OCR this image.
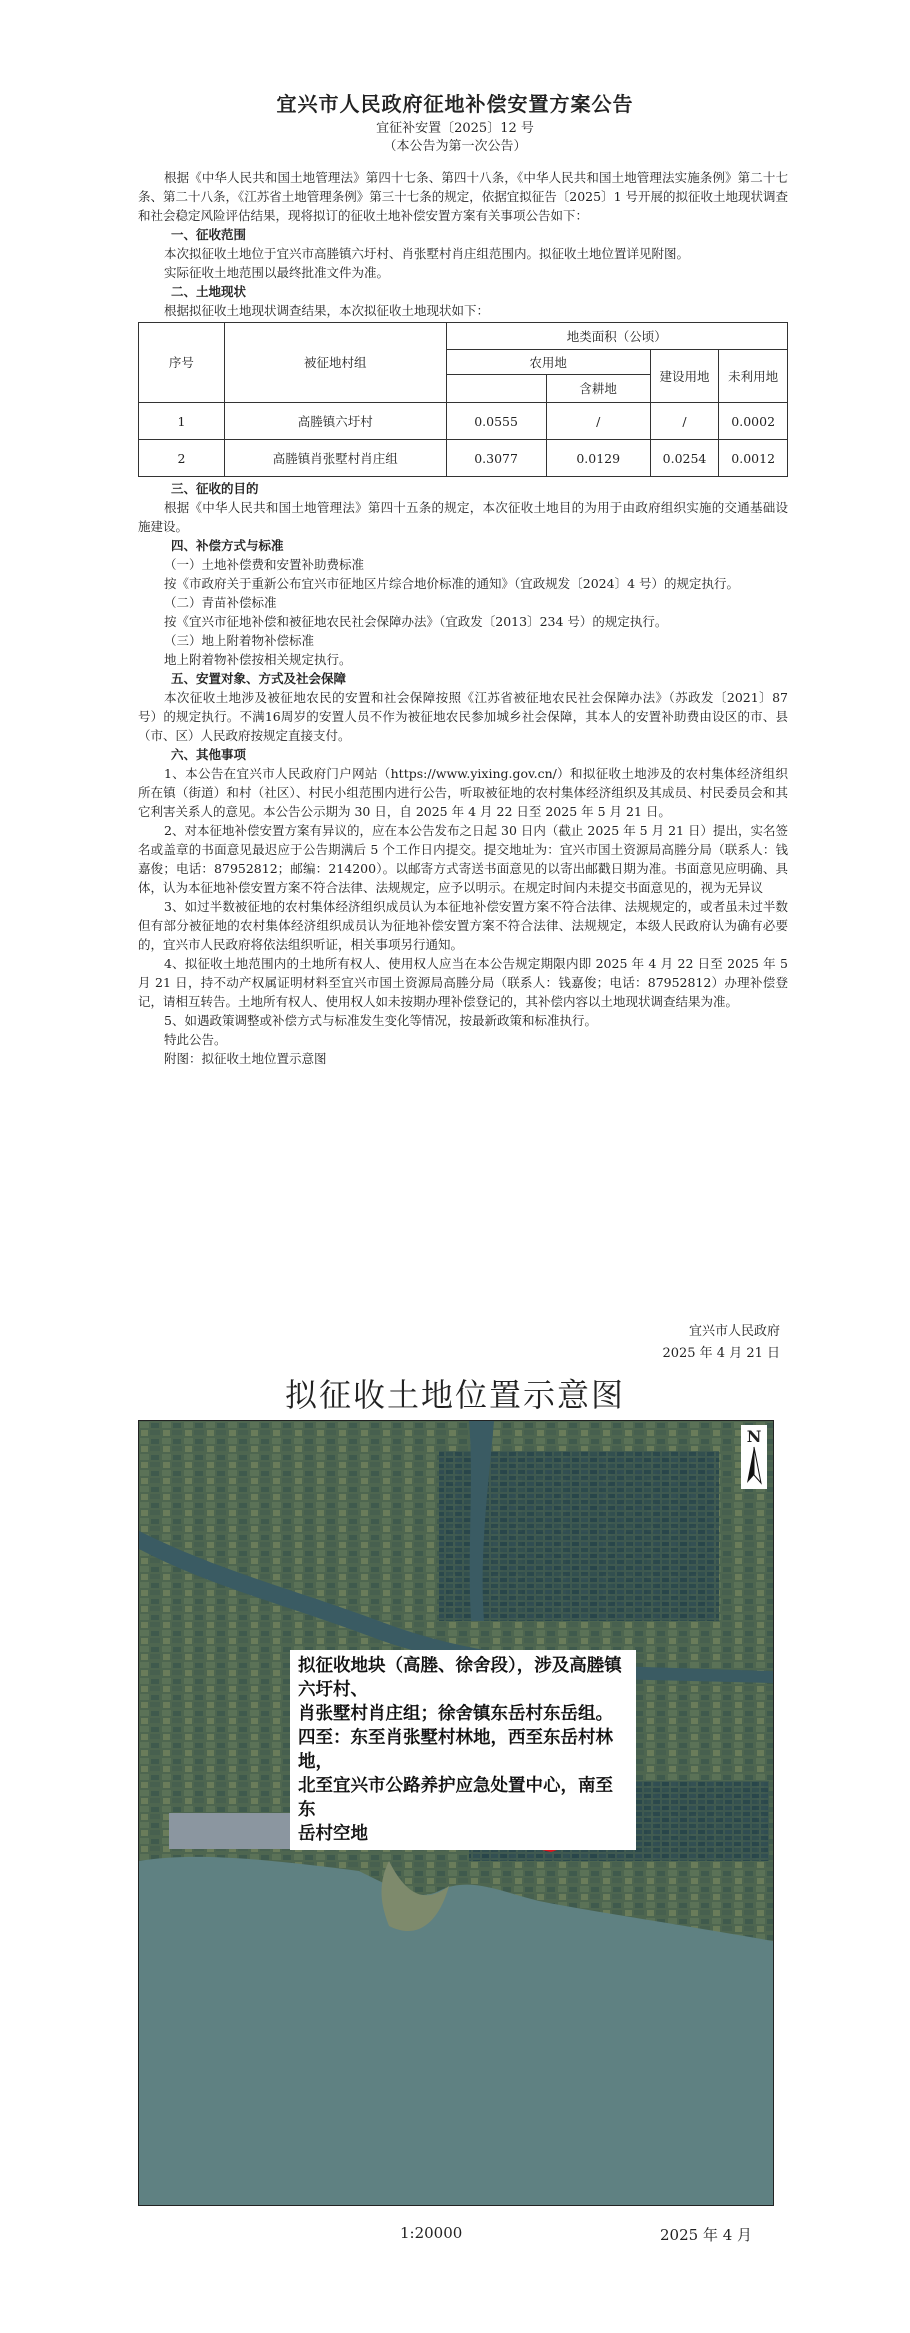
宜兴市人民政府征地补偿安置方案公告
宜征补安置〔2025〕12 号
（本公告为第一次公告）

根据《中华人民共和国土地管理法》第四十七条、第四十八条，《中华人民共和国土地管理法实施条例》第二十七条、第二十八条，《江苏省土地管理条例》第三十七条的规定，依据宜拟征告〔2025〕1 号开展的拟征收土地现状调查和社会稳定风险评估结果，现将拟订的征收土地补偿安置方案有关事项公告如下：

一、征收范围

本次拟征收土地位于宜兴市高塍镇六圩村、肖张墅村肖庄组范围内。拟征收土地位置详见附图。

实际征收土地范围以最终批准文件为准。

二、土地现状

根据拟征收土地现状调查结果，本次拟征收土地现状如下：

序号	被征地村组	地类面积（公顷）			
		农用地		建设用地	未利用地
			含耕地		
1	高塍镇六圩村	0.0555	/	/	0.0002
2	高塍镇肖张墅村肖庄组	0.3077	0.0129	0.0254	0.0012

三、征收的目的

根据《中华人民共和国土地管理法》第四十五条的规定，本次征收土地目的为用于由政府组织实施的交通基础设施建设。

四、补偿方式与标准

（一）土地补偿费和安置补助费标准

按《市政府关于重新公布宜兴市征地区片综合地价标准的通知》（宜政规发〔2024〕4 号）的规定执行。

（二）青苗补偿标准

按《宜兴市征地补偿和被征地农民社会保障办法》（宜政发〔2013〕234 号）的规定执行。

（三）地上附着物补偿标准

地上附着物补偿按相关规定执行。

五、安置对象、方式及社会保障

本次征收土地涉及被征地农民的安置和社会保障按照《江苏省被征地农民社会保障办法》（苏政发〔2021〕87 号）的规定执行。不满16周岁的安置人员不作为被征地农民参加城乡社会保障，其本人的安置补助费由设区的市、县（市、区）人民政府按规定直接支付。

六、其他事项

1、本公告在宜兴市人民政府门户网站（https://www.yixing.gov.cn/）和拟征收土地涉及的农村集体经济组织所在镇（街道）和村（社区）、村民小组范围内进行公告，听取被征地的农村集体经济组织及其成员、村民委员会和其它利害关系人的意见。本公告公示期为 30 日，自 2025 年 4 月 22 日至 2025 年 5 月 21 日。

2、对本征地补偿安置方案有异议的，应在本公告发布之日起 30 日内（截止 2025 年 5 月 21 日）提出，实名签名或盖章的书面意见最迟应于公告期满后 5 个工作日内提交。提交地址为：宜兴市国土资源局高塍分局（联系人：钱嘉俊；电话：87952812；邮编：214200）。以邮寄方式寄送书面意见的以寄出邮戳日期为准。书面意见应明确、具体，认为本征地补偿安置方案不符合法律、法规规定，应予以明示。在规定时间内未提交书面意见的，视为无异议

3、如过半数被征地的农村集体经济组织成员认为本征地补偿安置方案不符合法律、法规规定的，或者虽未过半数但有部分被征地的农村集体经济组织成员认为征地补偿安置方案不符合法律、法规规定，本级人民政府认为确有必要的，宜兴市人民政府将依法组织听证，相关事项另行通知。

4、拟征收土地范围内的土地所有权人、使用权人应当在本公告规定期限内即 2025 年 4 月 22 日至 2025 年 5 月 21 日，持不动产权属证明材料至宜兴市国土资源局高塍分局（联系人：钱嘉俊；电话：87952812）办理补偿登记，请相互转告。土地所有权人、使用权人如未按期办理补偿登记的，其补偿内容以土地现状调查结果为准。

5、如遇政策调整或补偿方式与标准发生变化等情况，按最新政策和标准执行。

特此公告。

附图：拟征收土地位置示意图

宜兴市人民政府
2025 年 4 月 21 日
拟征收土地位置示意图
拟征收地块（高塍、徐舍段），涉及高塍镇六圩村、
肖张墅村肖庄组；徐舍镇东岳村东岳组。
四至：东至肖张墅村林地，西至东岳村林地，
北至宜兴市公路养护应急处置中心，南至东
岳村空地
N
1:20000	2025 年 4 月
